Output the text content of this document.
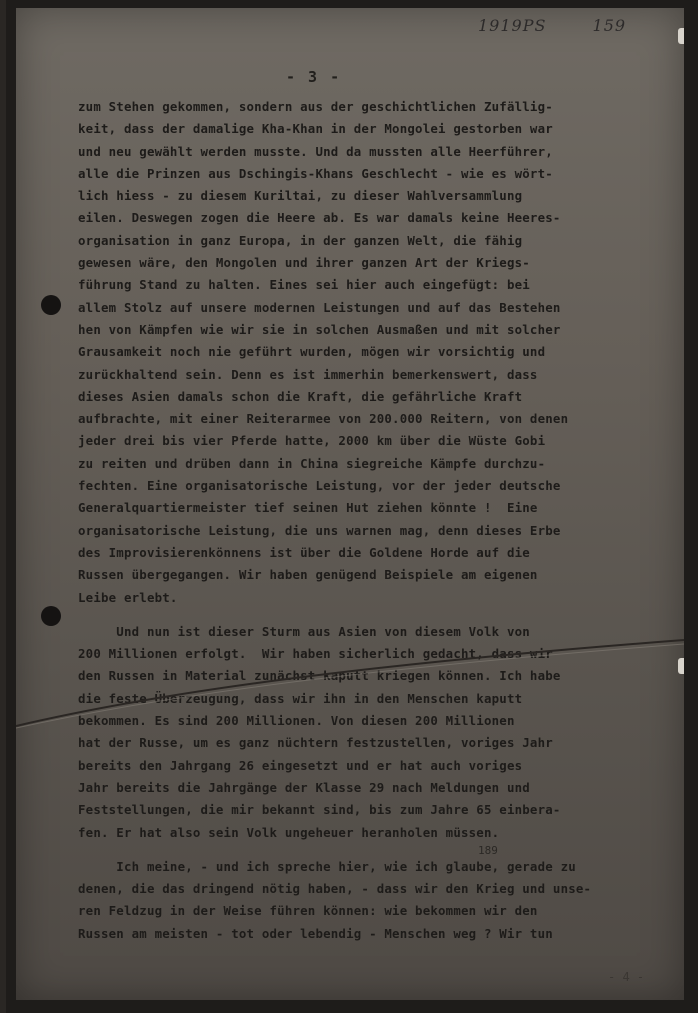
1919PS	159
- 3 -
zum Stehen gekommen, sondern aus der geschichtlichen Zufällig-
keit, dass der damalige Kha-Khan in der Mongolei gestorben war
und neu gewählt werden musste. Und da mussten alle Heerführer,
alle die Prinzen aus Dschingis-Khans Geschlecht - wie es wört-
lich hiess - zu diesem Kuriltai, zu dieser Wahlversammlung
eilen. Deswegen zogen die Heere ab. Es war damals keine Heeres-
organisation in ganz Europa, in der ganzen Welt, die fähig
gewesen wäre, den Mongolen und ihrer ganzen Art der Kriegs-
führung Stand zu halten. Eines sei hier auch eingefügt: bei
allem Stolz auf unsere modernen Leistungen und auf das Bestehen
hen von Kämpfen wie wir sie in solchen Ausmaßen und mit solcher
Grausamkeit noch nie geführt wurden, mögen wir vorsichtig und
zurückhaltend sein. Denn es ist immerhin bemerkenswert, dass
dieses Asien damals schon die Kraft, die gefährliche Kraft
aufbrachte, mit einer Reiterarmee von 200.000 Reitern, von denen
jeder drei bis vier Pferde hatte, 2000 km über die Wüste Gobi
zu reiten und drüben dann in China siegreiche Kämpfe durchzu-
fechten. Eine organisatorische Leistung, vor der jeder deutsche
Generalquartiermeister tief seinen Hut ziehen könnte !  Eine
organisatorische Leistung, die uns warnen mag, denn dieses Erbe
des Improvisierenkönnens ist über die Goldene Horde auf die
Russen übergegangen. Wir haben genügend Beispiele am eigenen
Leibe erlebt.
Und nun ist dieser Sturm aus Asien von diesem Volk von
200 Millionen erfolgt.  Wir haben sicherlich gedacht, dass wir
den Russen in Material zunächst kaputt kriegen können. Ich habe
die feste Überzeugung, dass wir ihn in den Menschen kaputt
bekommen. Es sind 200 Millionen. Von diesen 200 Millionen
hat der Russe, um es ganz nüchtern festzustellen, voriges Jahr
bereits den Jahrgang 26 eingesetzt und er hat auch voriges
Jahr bereits die Jahrgänge der Klasse 29 nach Meldungen und
Feststellungen, die mir bekannt sind, bis zum Jahre 65 einbera-
fen. Er hat also sein Volk ungeheuer heranholen müssen.
Ich meine, - und ich spreche hier, wie ich glaube, gerade zu
denen, die das dringend nötig haben, - dass wir den Krieg und unse-
ren Feldzug in der Weise führen können: wie bekommen wir den
Russen am meisten - tot oder lebendig - Menschen weg ? Wir tun
189
- 4 -
